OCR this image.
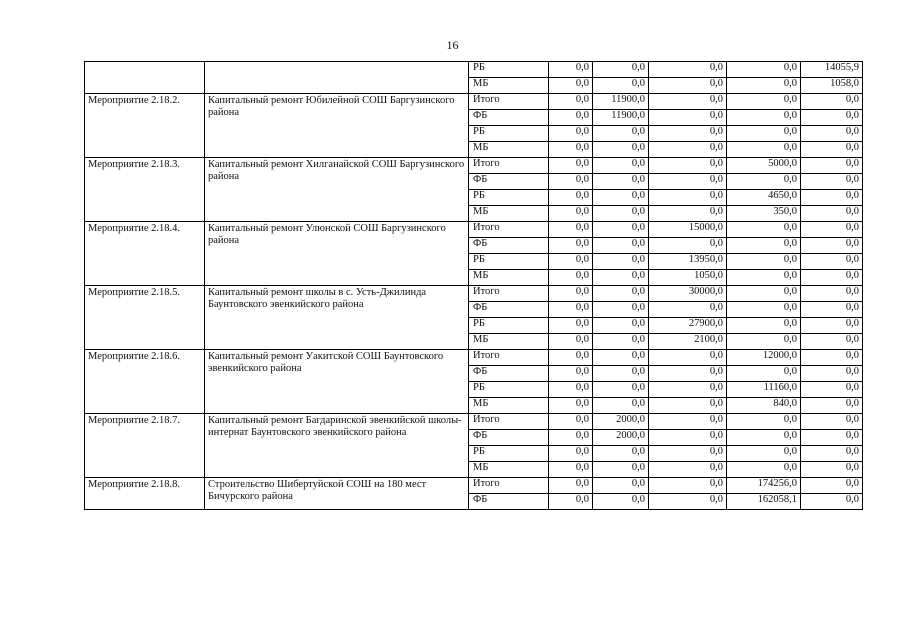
16
		РБ	0,0	0,0	0,0	0,0	14055,9
		МБ	0,0	0,0	0,0	0,0	1058,0
Мероприятие 2.18.2.	Капитальный ремонт Юбилейной СОШ Баргузинского района	Итого	0,0	11900,0	0,0	0,0	0,0
		ФБ	0,0	11900,0	0,0	0,0	0,0
		РБ	0,0	0,0	0,0	0,0	0,0
		МБ	0,0	0,0	0,0	0,0	0,0
Мероприятие 2.18.3.	Капитальный ремонт Хилганайской СОШ Баргузинского района	Итого	0,0	0,0	0,0	5000,0	0,0
		ФБ	0,0	0,0	0,0	0,0	0,0
		РБ	0,0	0,0	0,0	4650,0	0,0
		МБ	0,0	0,0	0,0	350,0	0,0
Мероприятие 2.18.4.	Капитальный ремонт Улюнской СОШ Баргузинского района	Итого	0,0	0,0	15000,0	0,0	0,0
		ФБ	0,0	0,0	0,0	0,0	0,0
		РБ	0,0	0,0	13950,0	0,0	0,0
		МБ	0,0	0,0	1050,0	0,0	0,0
Мероприятие 2.18.5.	Капитальный ремонт школы в с. Усть-Джилинда Баунтовского эвенкийского района	Итого	0,0	0,0	30000,0	0,0	0,0
		ФБ	0,0	0,0	0,0	0,0	0,0
		РБ	0,0	0,0	27900,0	0,0	0,0
		МБ	0,0	0,0	2100,0	0,0	0,0
Мероприятие 2.18.6.	Капитальный ремонт Уакитской СОШ Баунтовского эвенкийского района	Итого	0,0	0,0	0,0	12000,0	0,0
		ФБ	0,0	0,0	0,0	0,0	0,0
		РБ	0,0	0,0	0,0	11160,0	0,0
		МБ	0,0	0,0	0,0	840,0	0,0
Мероприятие 2.18.7.	Капитальный ремонт Багдаринской эвенкийской школы-интернат Баунтовского эвенкийского района	Итого	0,0	2000,0	0,0	0,0	0,0
		ФБ	0,0	2000,0	0,0	0,0	0,0
		РБ	0,0	0,0	0,0	0,0	0,0
		МБ	0,0	0,0	0,0	0,0	0,0
Мероприятие 2.18.8.	Строительство Шибертуйской СОШ на 180 мест Бичурского района	Итого	0,0	0,0	0,0	174256,0	0,0
		ФБ	0,0	0,0	0,0	162058,1	0,0
